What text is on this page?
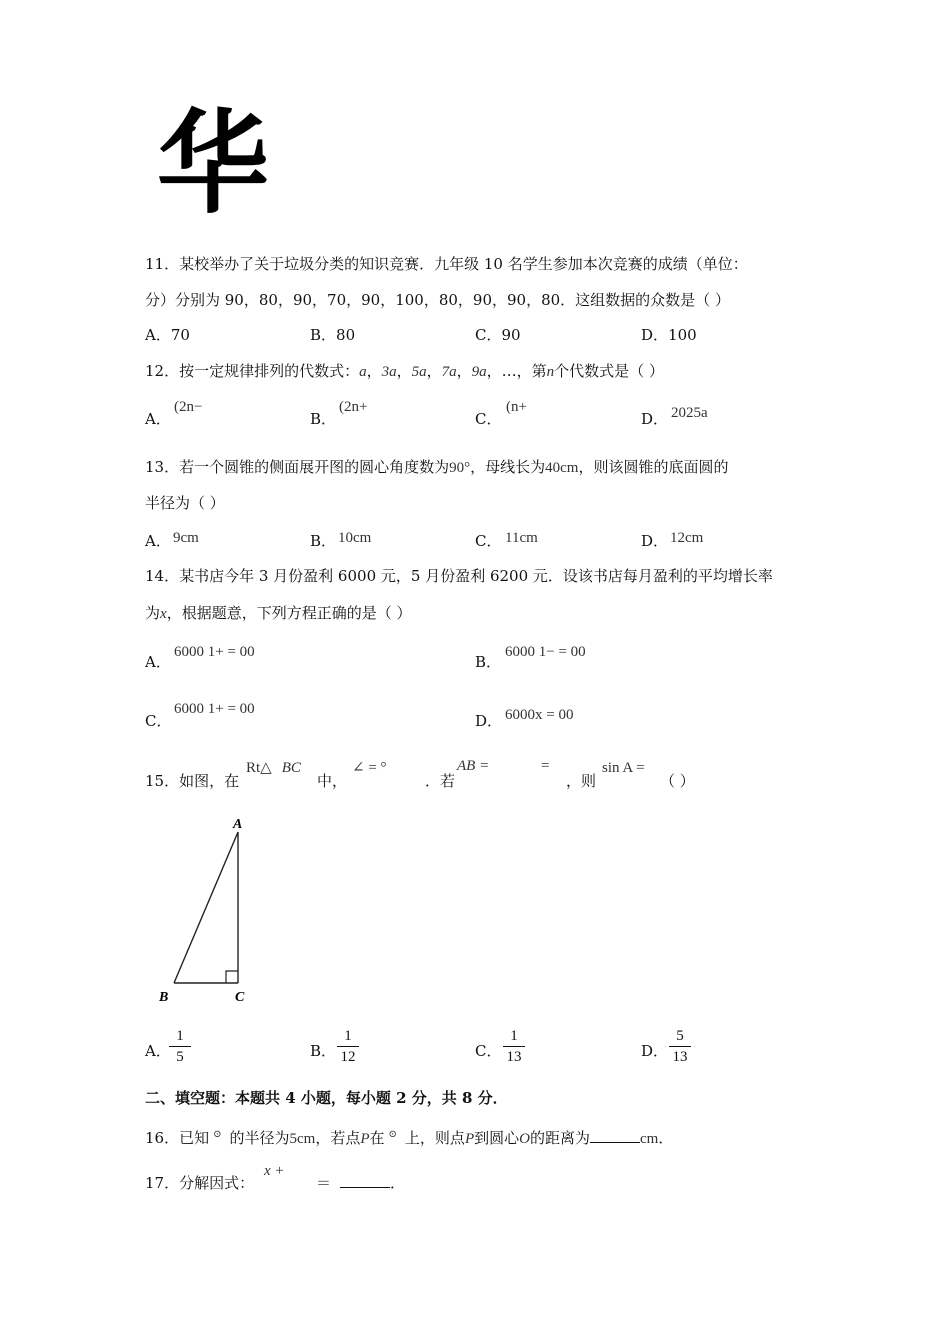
华
11．某校举办了关于垃圾分类的知识竞赛．九年级 10 名学生参加本次竞赛的成绩（单位：
分）分别为 90，80，90，70，90，100，80，90，90，80．这组数据的众数是（ ）
A．70	B．80	C．90	D．100
12．按一定规律排列的代数式：a，3a，5a，7a，9a，…，第n个代数式是（ ）
A．
(2n−
B．
(2n+
C．
(n+
D． 2025a
13．若一个圆锥的侧面展开图的圆心角度数为90°，母线长为40cm，则该圆锥的底面圆的
半径为（ ）
A． 9cm	B． 10cm	C． 11cm	D． 12cm
14．某书店今年 3 月份盈利 6000 元，5 月份盈利 6200 元．设该书店每月盈利的平均增长率
为x，根据题意，下列方程正确的是（ ）
A．
6000 1+ = 00
B．
6000 1− = 00
C．
6000 1+ = 00
D． 6000x = 00
15．如图，在
Rt△ BC
中，
∠ = °
．若
AB =	=
，则
sin A =
（ ）
A
B	C
A．
1
5	B．
1
12	C．
1
13	D．
5
13
二、填空题：本题共 4 小题，每小题 2 分，共 8 分．
16．已知 ⊙ 的半径为5cm，若点P在 ⊙ 上，则点P到圆心O的距离为	cm．
17．分解因式：
x +
＝	．
